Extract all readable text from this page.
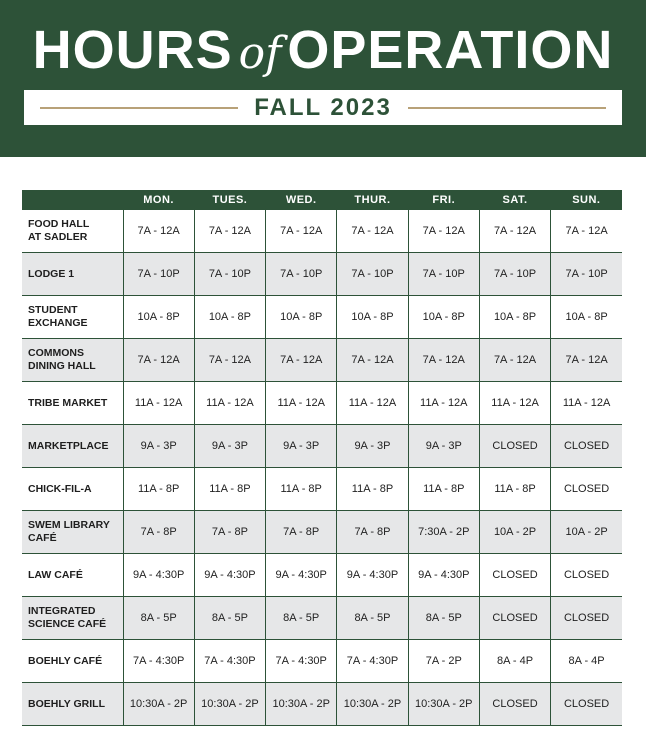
HOURS of OPERATION
FALL 2023
	MON.	TUES.	WED.	THUR.	FRI.	SAT.	SUN.
FOOD HALL
AT SADLER	7A - 12A	7A - 12A	7A - 12A	7A - 12A	7A - 12A	7A - 12A	7A - 12A
LODGE 1	7A - 10P	7A - 10P	7A - 10P	7A - 10P	7A - 10P	7A - 10P	7A - 10P
STUDENT
EXCHANGE	10A - 8P	10A - 8P	10A - 8P	10A - 8P	10A - 8P	10A - 8P	10A - 8P
COMMONS
DINING HALL	7A - 12A	7A - 12A	7A - 12A	7A - 12A	7A - 12A	7A - 12A	7A - 12A
TRIBE MARKET	11A - 12A	11A - 12A	11A - 12A	11A - 12A	11A - 12A	11A - 12A	11A - 12A
MARKETPLACE	9A - 3P	9A - 3P	9A - 3P	9A - 3P	9A - 3P	CLOSED	CLOSED
CHICK-FIL-A	11A - 8P	11A - 8P	11A - 8P	11A - 8P	11A - 8P	11A - 8P	CLOSED
SWEM LIBRARY
CAFÉ	7A - 8P	7A - 8P	7A - 8P	7A - 8P	7:30A - 2P	10A - 2P	10A - 2P
LAW CAFÉ	9A - 4:30P	9A - 4:30P	9A - 4:30P	9A - 4:30P	9A - 4:30P	CLOSED	CLOSED
INTEGRATED
SCIENCE CAFÉ	8A - 5P	8A - 5P	8A - 5P	8A - 5P	8A - 5P	CLOSED	CLOSED
BOEHLY CAFÉ	7A - 4:30P	7A - 4:30P	7A - 4:30P	7A - 4:30P	7A - 2P	8A - 4P	8A - 4P
BOEHLY GRILL	10:30A - 2P	10:30A - 2P	10:30A - 2P	10:30A - 2P	10:30A - 2P	CLOSED	CLOSED
